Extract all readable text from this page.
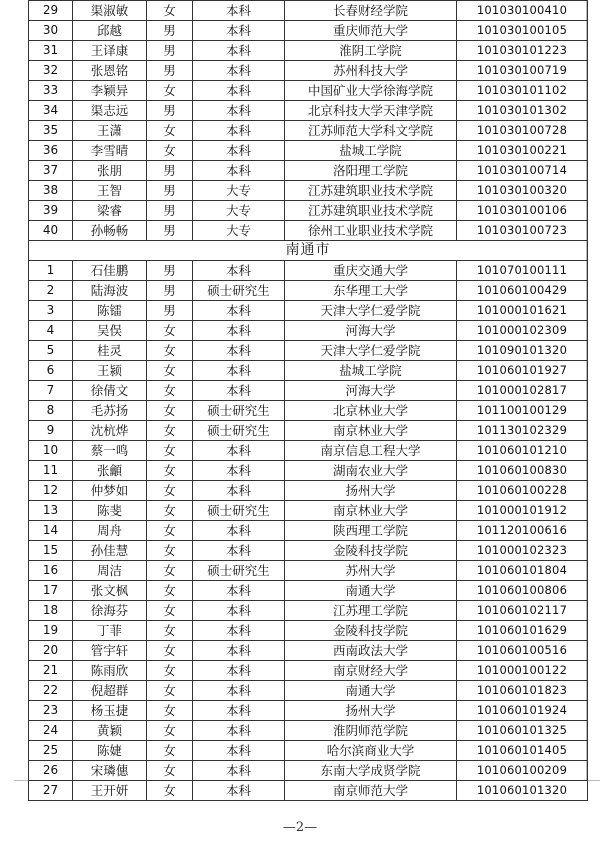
29	渠淑敏	女	本科	长春财经学院	101030100410
30	邱越	男	本科	重庆师范大学	101030100105
31	王译康	男	本科	淮阴工学院	101030101223
32	张恩铭	男	本科	苏州科技大学	101030100719
33	李颖异	女	本科	中国矿业大学徐海学院	101030101102
34	渠志远	男	本科	北京科技大学天津学院	101030101302
35	王潇	女	本科	江苏师范大学科文学院	101030100728
36	李雪晴	女	本科	盐城工学院	101030100221
37	张朋	男	本科	洛阳理工学院	101030100714
38	王智	男	大专	江苏建筑职业技术学院	101030100320
39	梁睿	男	大专	江苏建筑职业技术学院	101030100106
40	孙畅畅	男	大专	徐州工业职业技术学院	101030100723
南通市					
1	石佳鹏	男	本科	重庆交通大学	101070100111
2	陆海波	男	硕士研究生	东华理工大学	101060100429
3	陈镭	男	本科	天津大学仁爱学院	101000101621
4	吴俣	女	本科	河海大学	101000102309
5	桂灵	女	本科	天津大学仁爱学院	101090101320
6	王颍	女	本科	盐城工学院	101060101927
7	徐倩文	女	本科	河海大学	101000102817
8	毛苏扬	女	硕士研究生	北京林业大学	101100100129
9	沈杭烨	女	硕士研究生	南京林业大学	101130102329
10	蔡一鸣	女	本科	南京信息工程大学	101060101210
11	张龥	女	本科	湖南农业大学	101060100830
12	仲梦如	女	本科	扬州大学	101060100228
13	陈斐	女	硕士研究生	南京林业大学	101000101912
14	周舟	女	本科	陕西理工学院	101120100616
15	孙佳慧	女	本科	金陵科技学院	101000102323
16	周洁	女	硕士研究生	苏州大学	101060101804
17	张文枫	女	本科	南通大学	101060100806
18	徐海芬	女	本科	江苏理工学院	101060102117
19	丁菲	女	本科	金陵科技学院	101060101629
20	管宇轩	女	本科	西南政法大学	101060100516
21	陈雨欣	女	本科	南京财经大学	101000100122
22	倪超群	女	本科	南通大学	101060101823
23	杨玉捷	女	本科	扬州大学	101060101924
24	黄颖	女	本科	淮阴师范学院	101060101325
25	陈婕	女	本科	哈尔滨商业大学	101060101405
26	宋璘僡	女	本科	东南大学成贤学院	101060100209
27	王开妍	女	本科	南京师范大学	101060101320
—2—
